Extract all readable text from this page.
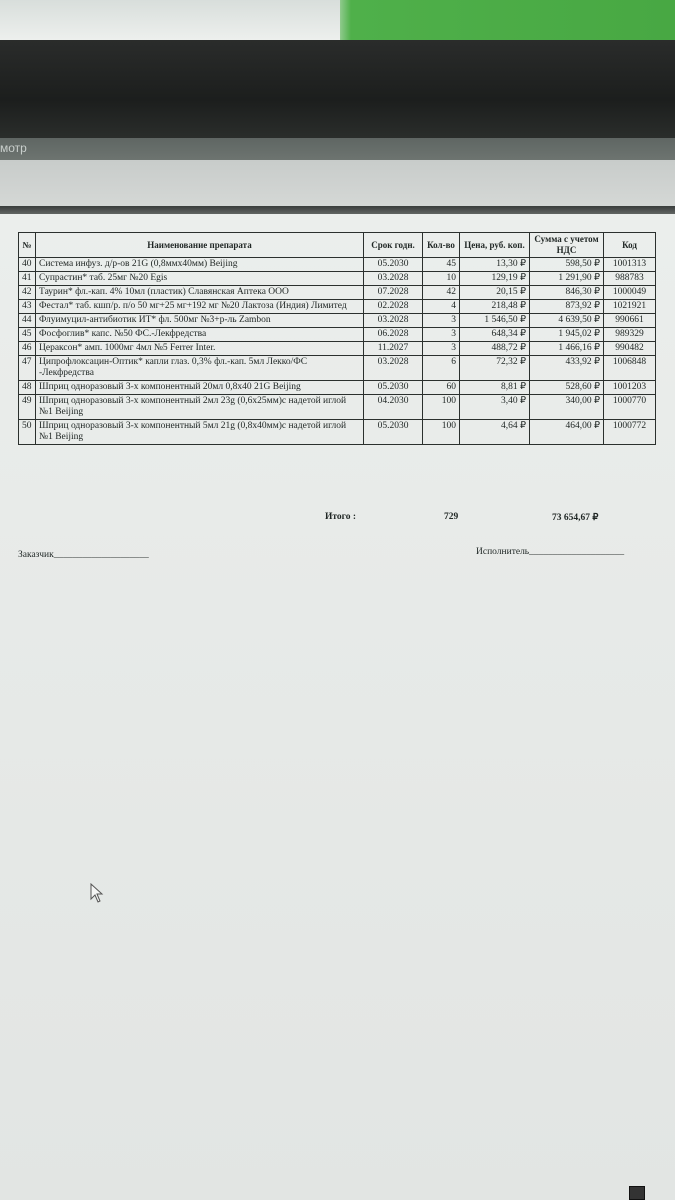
мотр
№	Наименование препарата	Срок годн.	Кол-во	Цена, руб. коп.	Сумма с учетом НДС	Код
40	Система инфуз. д/р-ов 21G (0,8ммх40мм) Beijing	05.2030	45	13,30 ₽	598,50 ₽	1001313
41	Супрастин* таб. 25мг №20 Egis	03.2028	10	129,19 ₽	1 291,90 ₽	988783
42	Таурин* фл.-кап. 4% 10мл (пластик) Славянская Аптека ООО	07.2028	42	20,15 ₽	846,30 ₽	1000049
43	Фестал* таб. кшп/р. п/о 50 мг+25 мг+192 мг №20 Лактоза (Индия) Лимитед	02.2028	4	218,48 ₽	873,92 ₽	1021921
44	Флуимуцил-антибиотик ИТ* фл. 500мг №3+р-ль Zambon	03.2028	3	1 546,50 ₽	4 639,50 ₽	990661
45	Фосфоглив* капс. №50 ФС.-Лекфредства	06.2028	3	648,34 ₽	1 945,02 ₽	989329
46	Цераксон* амп. 1000мг 4мл №5 Ferrer Inter.	11.2027	3	488,72 ₽	1 466,16 ₽	990482
47	Ципрофлоксацин-Оптик* капли глаз. 0,3% фл.-кап. 5мл Лекко/ФС -Лекфредства	03.2028	6	72,32 ₽	433,92 ₽	1006848
48	Шприц одноразовый 3-х компонентный 20мл 0,8х40 21G Beijing	05.2030	60	8,81 ₽	528,60 ₽	1001203
49	Шприц одноразовый 3-х компонентный 2мл 23g (0,6х25мм)с надетой иглой №1 Beijing	04.2030	100	3,40 ₽	340,00 ₽	1000770
50	Шприц одноразовый 3-х компонентный 5мл 21g (0,8х40мм)с надетой иглой №1 Beijing	05.2030	100	4,64 ₽	464,00 ₽	1000772
Итого :	729	73 654,67 ₽
Заказчик____________________	Исполнитель____________________
